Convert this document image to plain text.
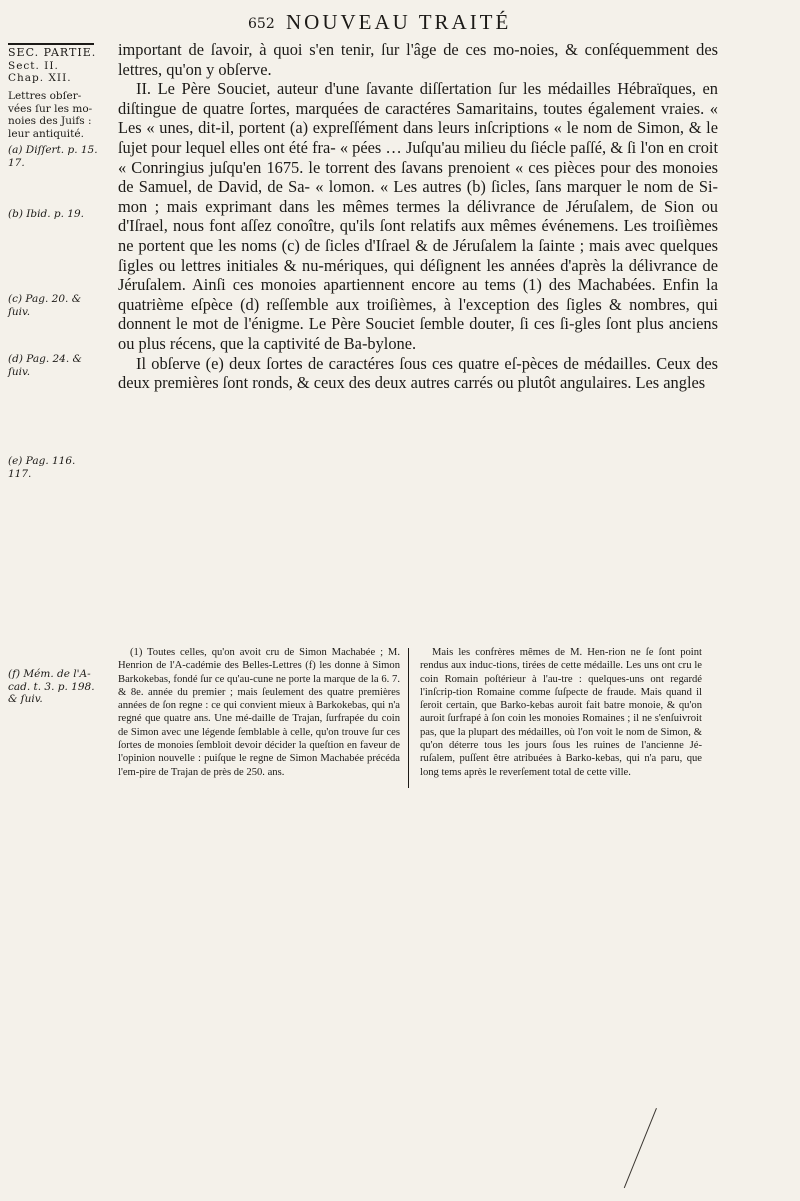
652 NOUVEAU TRAITÉ
SEC. PARTIE.
Sect. II.
Chap. XII.
Lettres obſer-vées ſur les mo-noies des Juifs : leur antiquité.
(a) Diſſert. p. 15. 17.
(b) Ibid. p. 19.
(c) Pag. 20. & ſuiv.
(d) Pag. 24. & ſuiv.
(e) Pag. 116. 117.
(f) Mém. de l'A-cad. t. 3. p. 198. & ſuiv.

important de ſavoir, à quoi s'en tenir, ſur l'âge de ces mo-noies, & conſéquemment des lettres, qu'on y obſerve.

II. Le Père Souciet, auteur d'une ſavante diſſertation ſur les médailles Hébraïques, en diſtingue de quatre ſortes, marquées de caractéres Samaritains, toutes également vraies. « Les « unes, dit-il, portent (a) expreſſément dans leurs inſcriptions « le nom de Simon, & le ſujet pour lequel elles ont été fra- « pées … Juſqu'au milieu du ſiécle paſſé, & ſi l'on en croit « Conringius juſqu'en 1675. le torrent des ſavans prenoient « ces pièces pour des monoies de Samuel, de David, de Sa- « lomon. « Les autres (b) ſicles, ſans marquer le nom de Si-mon ; mais exprimant dans les mêmes termes la délivrance de Jéruſalem, de Sion ou d'Iſrael, nous font aſſez conoître, qu'ils ſont relatifs aux mêmes événemens. Les troiſièmes ne portent que les noms (c) de ſicles d'Iſrael & de Jéruſalem la ſainte ; mais avec quelques ſigles ou lettres initiales & nu-mériques, qui déſignent les années d'après la délivrance de Jéruſalem. Ainſi ces monoies apartiennent encore au tems (1) des Machabées. Enfin la quatrième eſpèce (d) reſſemble aux troiſièmes, à l'exception des ſigles & nombres, qui donnent le mot de l'énigme. Le Père Souciet ſemble douter, ſi ces ſi-gles ſont plus anciens ou plus récens, que la captivité de Ba-bylone.

Il obſerve (e) deux ſortes de caractéres ſous ces quatre eſ-pèces de médailles. Ceux des deux premières ſont ronds, & ceux des deux autres carrés ou plutôt angulaires. Les angles

(1) Toutes celles, qu'on avoit cru de Simon Machabée ; M. Henrion de l'A-cadémie des Belles-Lettres (f) les donne à Simon Barkokebas, fondé ſur ce qu'au-cune ne porte la marque de la 6. 7. & 8e. année du premier ; mais ſeulement des quatre premières années de ſon regne : ce qui convient mieux à Barkokebas, qui n'a regné que quatre ans. Une mé-daille de Trajan, ſurfrapée du coin de Simon avec une légende ſemblable à celle, qu'on trouve ſur ces ſortes de monoies ſembloit devoir décider la queſtion en faveur de l'opinion nouvelle : puiſque le regne de Simon Machabée précéda l'em-pire de Trajan de près de 250. ans.

Mais les confrères mêmes de M. Hen-rion ne ſe ſont point rendus aux induc-tions, tirées de cette médaille. Les uns ont cru le coin Romain poſtérieur à l'au-tre : quelques-uns ont regardé l'inſcrip-tion Romaine comme ſuſpecte de fraude. Mais quand il ſeroit certain, que Barko-kebas auroit fait batre monoie, & qu'on auroit ſurfrapé à ſon coin les monoies Romaines ; il ne s'enſuivroit pas, que la plupart des médailles, où l'on voit le nom de Simon, & qu'on déterre tous les jours ſous les ruines de l'ancienne Jé-ruſalem, puſſent être atribuées à Barko-kebas, qui n'a paru, que long tems après le reverſement total de cette ville.
